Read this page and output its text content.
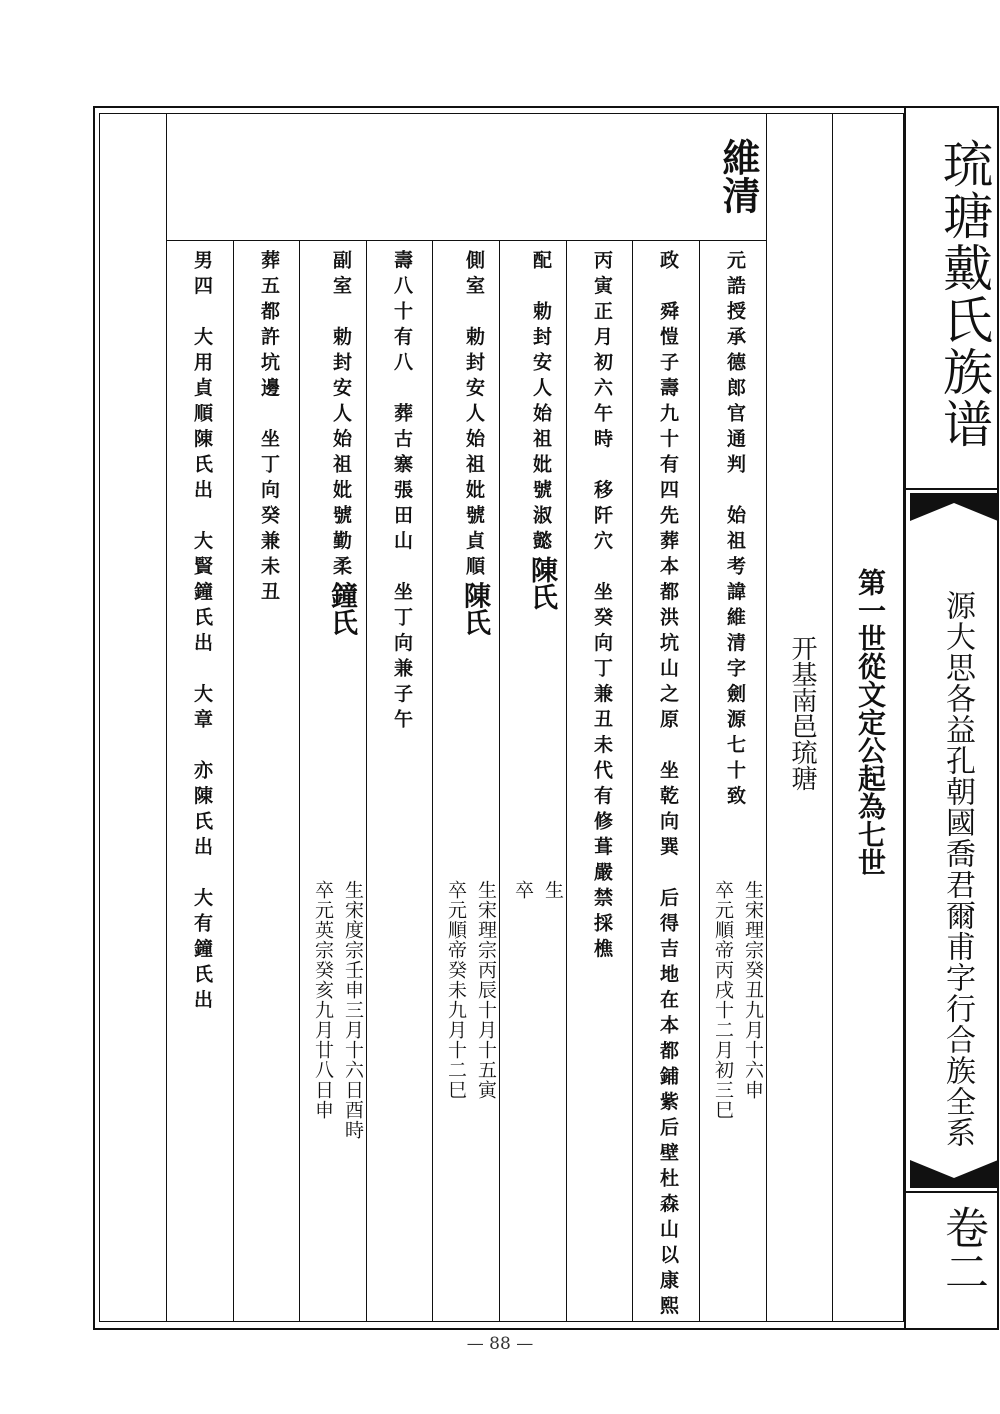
琉瑭戴氏族谱
源大思各益孔朝國喬君爾甫字行合族全系
卷二
第一世從文定公起為七世
开基南邑琉瑭
維清
元誥授承德郎官通判　始祖考諱維清字劍源七十致
政　舜愷子壽九十有四先葬本都洪坑山之原　坐乾向巽　后得吉地在本都鋪紫后壁杜森山以康熙
丙寅正月初六午時　移阡穴　坐癸向丁兼丑未代有修葺嚴禁採樵
配　勅封安人始祖妣號淑懿陳氏
側室　勅封安人始祖妣號貞順陳氏
壽八十有八　葬古寨張田山　坐丁向兼子午
副室　勅封安人始祖妣號勤柔鐘氏
葬五都許坑邊　坐丁向癸兼未丑
男四　大用貞順陳氏出　大賢鐘氏出　大章　亦陳氏出　大有鐘氏出	生宋理宗癸丑九月十六申
卒元順帝丙戌十二月初三巳
生
卒
生宋理宗丙辰十月十五寅
卒元順帝癸未九月十二巳
生宋度宗壬申三月十六日酉時
卒元英宗癸亥九月廿八日申
— 88 —
